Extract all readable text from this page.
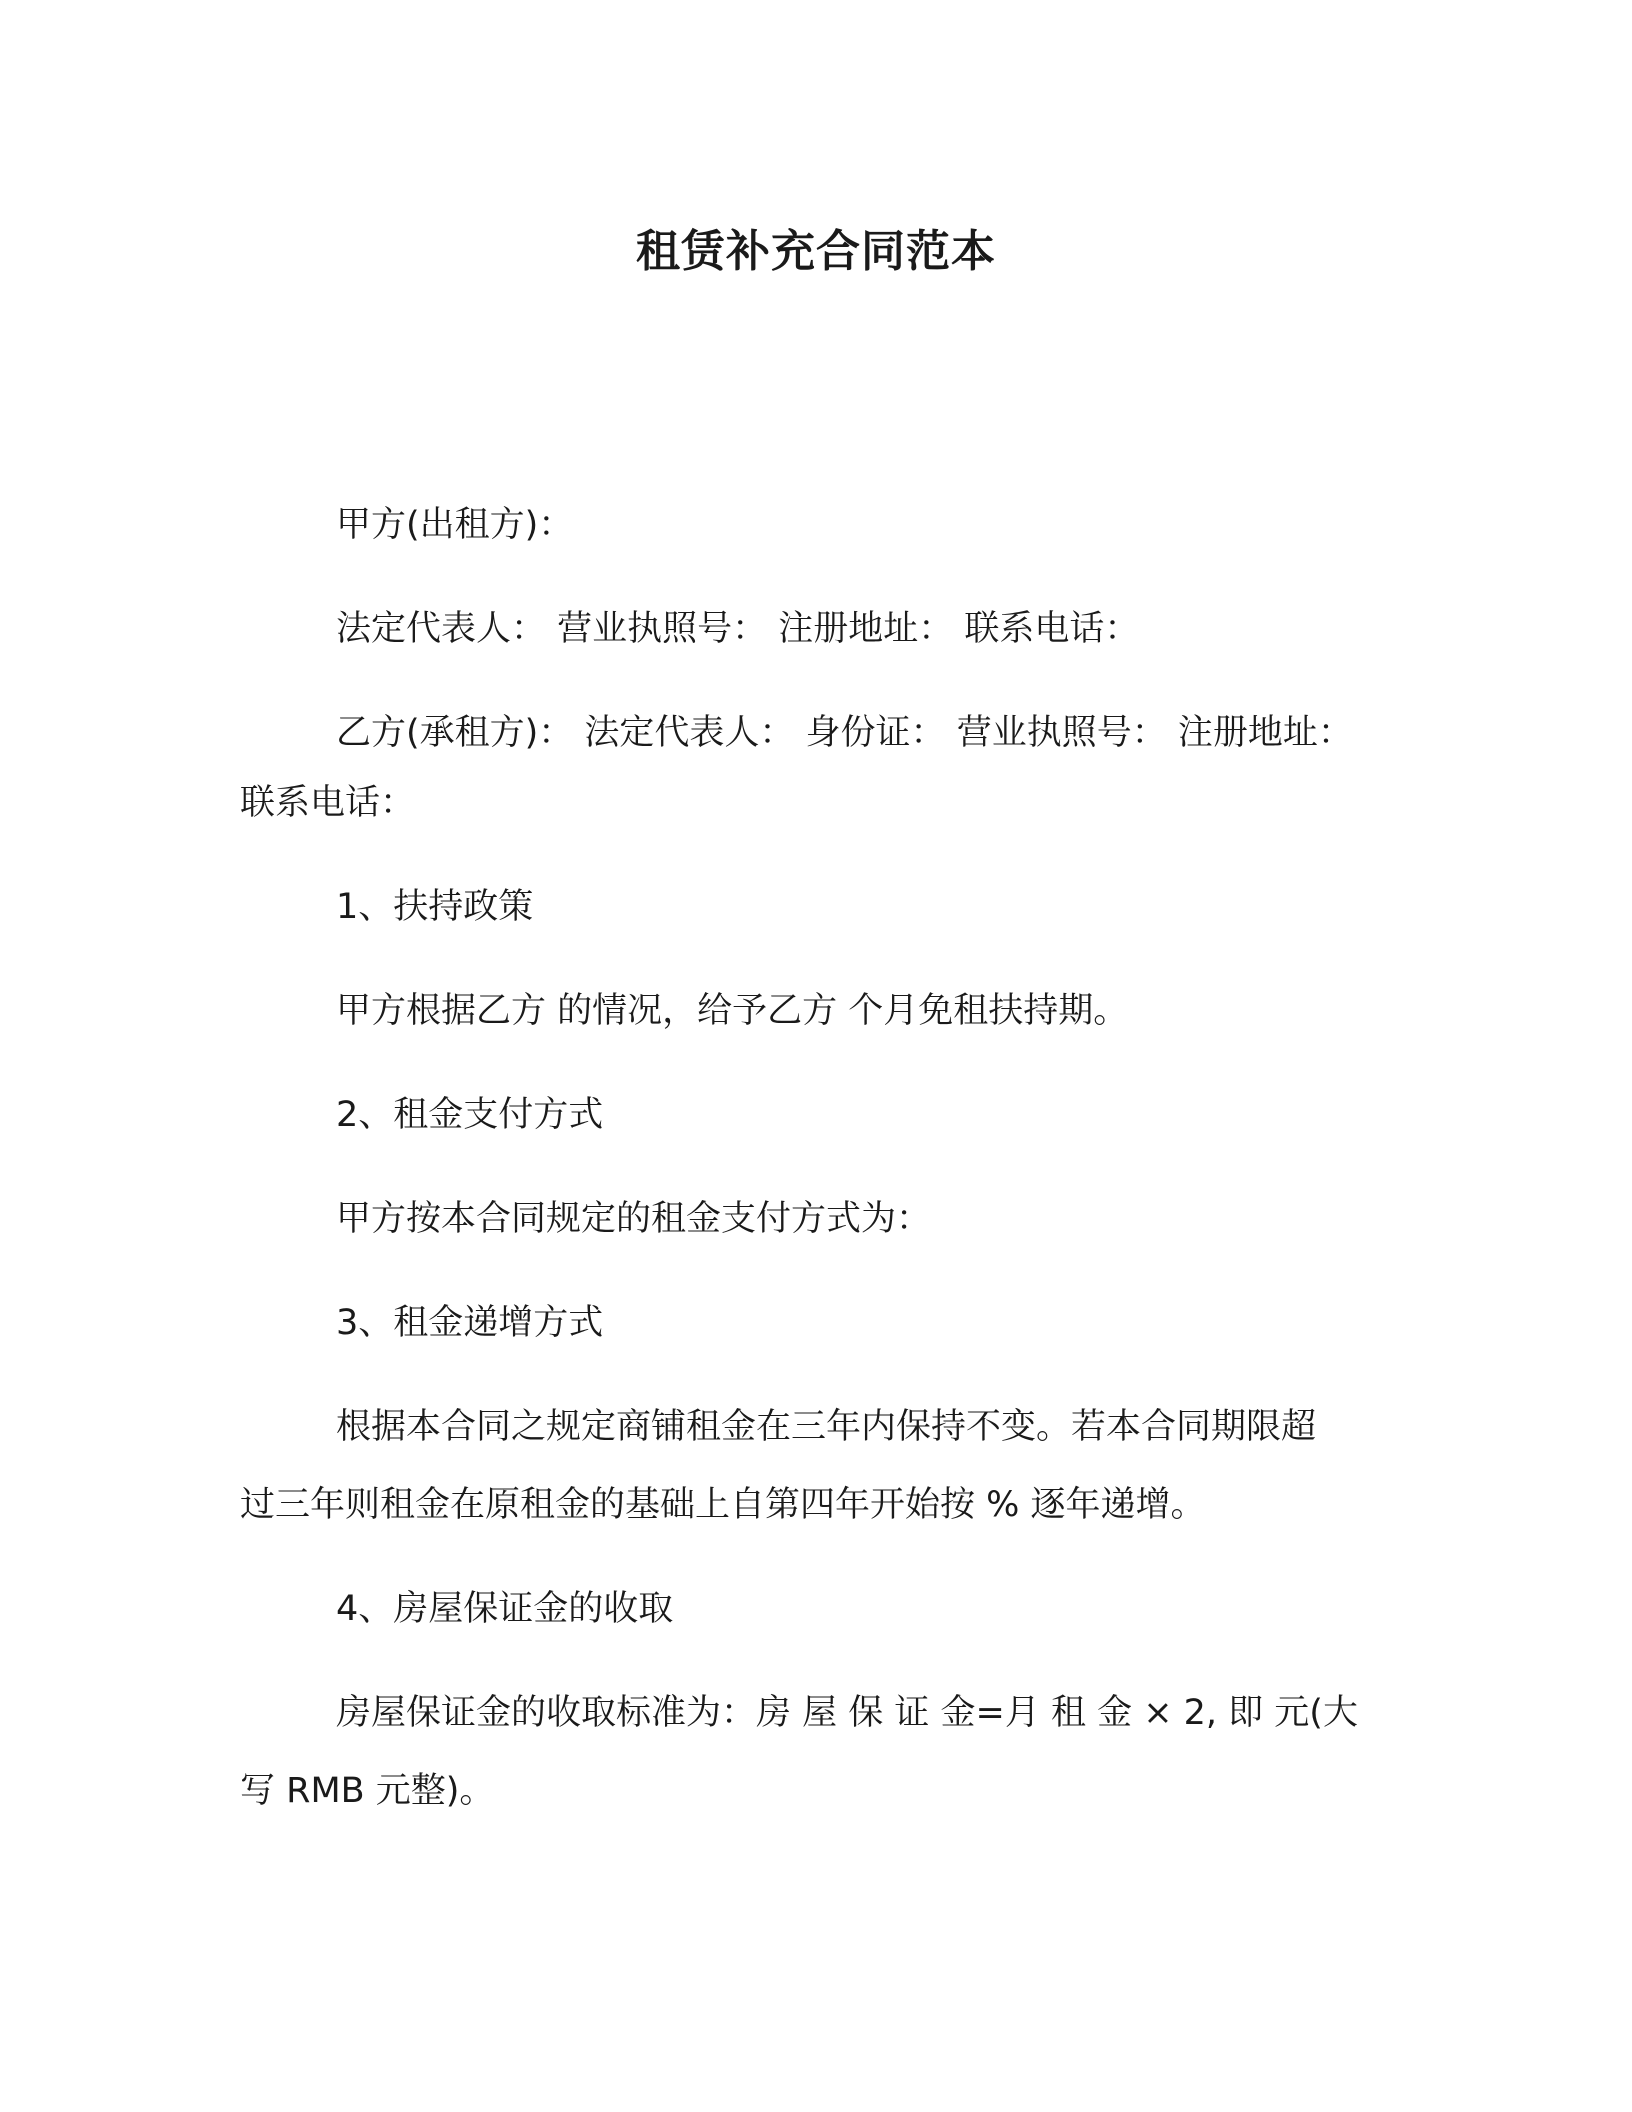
租赁补充合同范本
甲方(出租方)：
法定代表人： 营业执照号： 注册地址： 联系电话：
乙方(承租方)： 法定代表人： 身份证： 营业执照号： 注册地址：
联系电话：
1、扶持政策
甲方根据乙方 的情况，给予乙方 个月免租扶持期。
2、租金支付方式
甲方按本合同规定的租金支付方式为：
3、租金递增方式
根据本合同之规定商铺租金在三年内保持不变。若本合同期限超
过三年则租金在原租金的基础上自第四年开始按 % 逐年递增。
4、房屋保证金的收取
房屋保证金的收取标准为：房 屋 保 证 金=月 租 金 × 2, 即 元(大
写 RMB 元整)。
